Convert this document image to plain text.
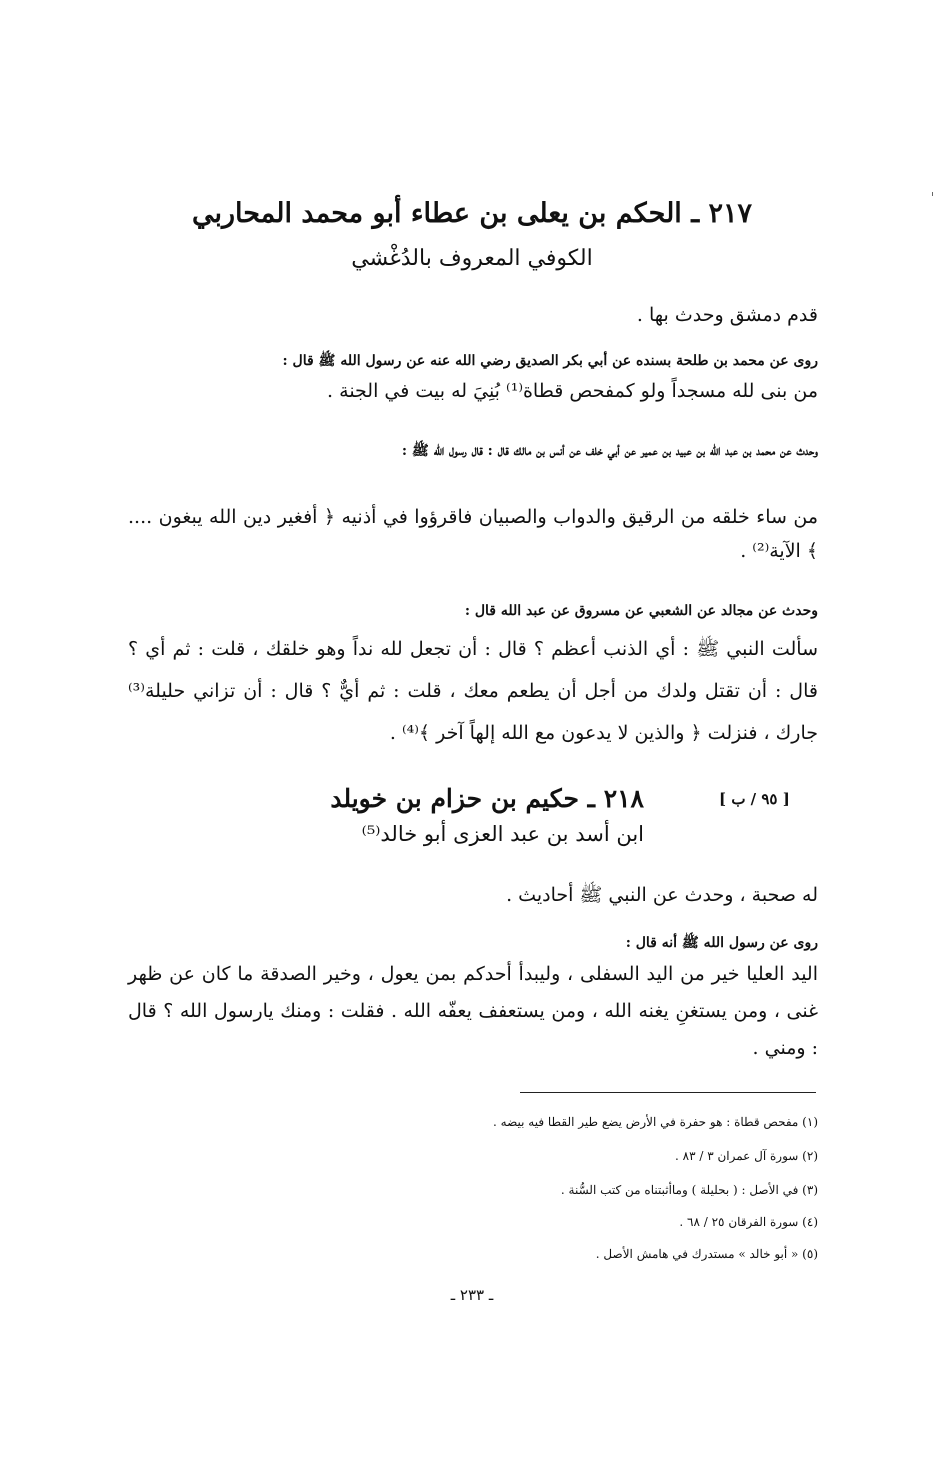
٢١٧ ـ الحكم بن يعلى بن عطاء أبو محمد المحاربي
الكوفي المعروف بالدُغْشي
قدم دمشق وحدث بها .
روى عن محمد بن طلحة بسنده عن أبي بكر الصديق رضي الله عنه عن رسول الله ﷺ قال :
من بنى لله مسجداً ولو كمفحص قطاة⁽¹⁾ بُنِيَ له بيت في الجنة .
وحدث عن محمد بن عبد الله بن عبيد بن عمير عن أبي خلف عن أنس بن مالك قال : قال رسول الله ﷺ :
من ساء خلقه من الرقيق والدواب والصبيان فاقرؤوا في أذنيه ﴿ أفغير دين الله يبغون .... ﴾ الآية⁽²⁾ .
وحدث عن مجالد عن الشعبي عن مسروق عن عبد الله قال :
سألت النبي ﷺ : أي الذنب أعظم ؟ قال : أن تجعل لله نداً وهو خلقك ، قلت : ثم أي ؟ قال : أن تقتل ولدك من أجل أن يطعم معك ، قلت : ثم أيٌّ ؟ قال : أن تزاني حليلة⁽³⁾ جارك ، فنزلت ﴿ والذين لا يدعون مع الله إلهاً آخر ﴾⁽⁴⁾ .
٢١٨ ـ حكيم بن حزام بن خويلد	[ ٩٥ / ب ]
ابن أسد بن عبد العزى أبو خالد⁽⁵⁾
له صحبة ، وحدث عن النبي ﷺ أحاديث .
روى عن رسول الله ﷺ أنه قال :
اليد العليا خير من اليد السفلى ، وليبدأ أحدكم بمن يعول ، وخير الصدقة ما كان عن ظهر غنى ، ومن يستغنِ يغنه الله ، ومن يستعفف يعفّه الله . فقلت : ومنك يارسول الله ؟ قال : ومني .
(١) مفحص قطاة : هو حفرة في الأرض يضع طير القطا فيه بيضه .
(٢) سورة آل عمران ٣ / ٨٣ .
(٣) في الأصل : ( بحليلة ) وماأثبتناه من كتب السُّنة .
(٤) سورة الفرقان ٢٥ / ٦٨ .
(٥) « أبو خالد » مستدرك في هامش الأصل .
ـ ٢٣٣ ـ
